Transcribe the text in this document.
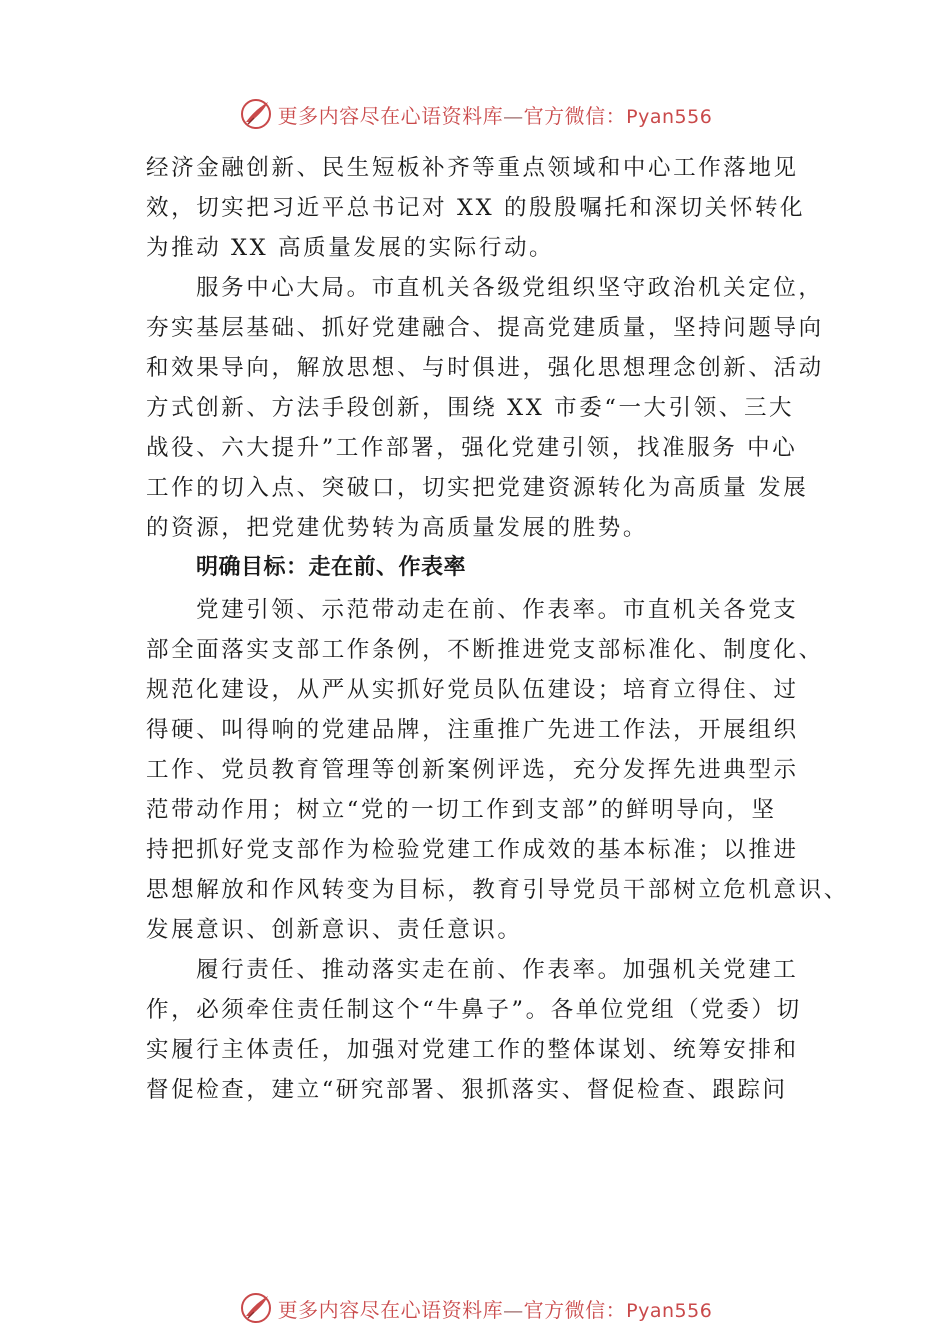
更多内容尽在心语资料库—官方微信：Pyan556
经济金融创新、民生短板补齐等重点领域和中心工作落地见
效，切实把习近平总书记对 XX 的殷殷嘱托和深切关怀转化
为推动 XX 高质量发展的实际行动。
服务中心大局。市直机关各级党组织坚守政治机关定位，
夯实基层基础、抓好党建融合、提高党建质量，坚持问题导向
和效果导向，解放思想、与时俱进，强化思想理念创新、活动
方式创新、方法手段创新，围绕 XX 市委“一大引领、三大
战役、六大提升”工作部署，强化党建引领，找准服务 中心
工作的切入点、突破口，切实把党建资源转化为高质量 发展
的资源，把党建优势转为高质量发展的胜势。
明确目标：走在前、作表率
党建引领、示范带动走在前、作表率。市直机关各党支
部全面落实支部工作条例，不断推进党支部标准化、制度化、
规范化建设，从严从实抓好党员队伍建设；培育立得住、过
得硬、叫得响的党建品牌，注重推广先进工作法，开展组织
工作、党员教育管理等创新案例评选，充分发挥先进典型示
范带动作用；树立“党的一切工作到支部”的鲜明导向，坚
持把抓好党支部作为检验党建工作成效的基本标准；以推进
思想解放和作风转变为目标，教育引导党员干部树立危机意识、
发展意识、创新意识、责任意识。
履行责任、推动落实走在前、作表率。加强机关党建工
作，必须牵住责任制这个“牛鼻子”。各单位党组（党委）切
实履行主体责任，加强对党建工作的整体谋划、统筹安排和
督促检查，建立“研究部署、狠抓落实、督促检查、跟踪问
更多内容尽在心语资料库—官方微信：Pyan556
